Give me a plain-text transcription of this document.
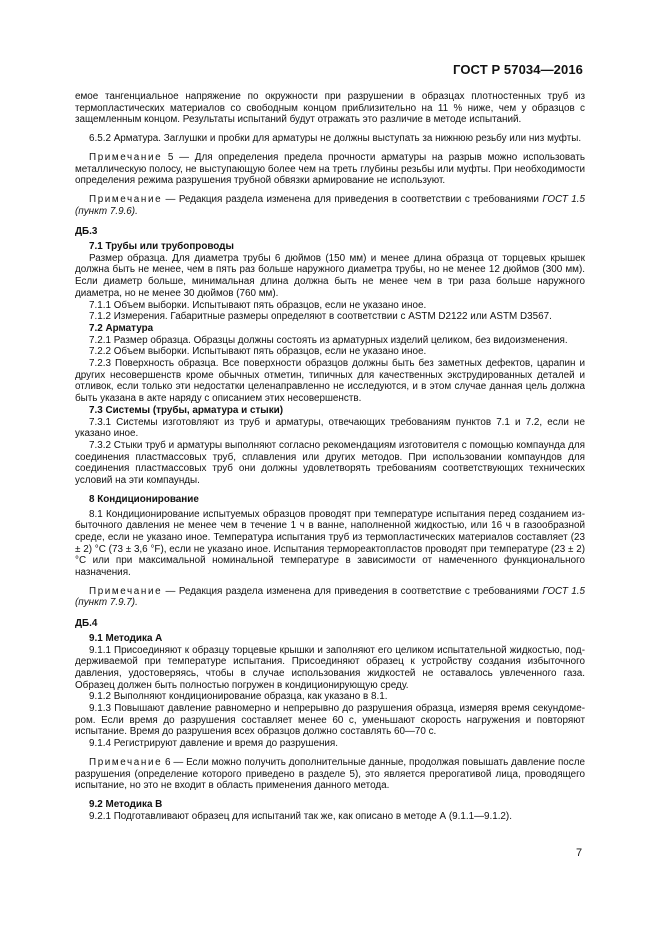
ГОСТ Р 57034—2016

емое тангенциальное напряжение по окружности при разрушении в образцах плотностенных труб из термопластических материалов со свободным концом приблизительно на 11 % ниже, чем у образцов с защемленным концом. Результаты испытаний будут отражать это различие в методе испытаний.

6.5.2 Арматура. Заглушки и пробки для арматуры не должны выступать за нижнюю резьбу или низ муфты.

Примечание 5 — Для определения предела прочности арматуры на разрыв можно использовать металлическую полосу, не выступающую более чем на треть глубины резьбы или муфты. При необходимости определения режима разрушения трубной обвязки армирование не используют.

Примечание — Редакция раздела изменена для приведения в соответствии с требованиями ГОСТ 1.5 (пункт 7.9.6).

ДБ.3

7.1 Трубы или трубопроводы

Размер образца. Для диаметра трубы 6 дюймов (150 мм) и менее длина образца от торцевых крышек должна быть не менее, чем в пять раз больше наружного диаметра трубы, но не менее 12 дюймов (300 мм). Если диаметр больше, минимальная длина должна быть не менее чем в три раза больше наружного диаметра, но не менее 30 дюймов (760 мм).

7.1.1 Объем выборки. Испытывают пять образцов, если не указано иное.

7.1.2 Измерения. Габаритные размеры определяют в соответствии с ASTM D2122 или ASTM D3567.

7.2 Арматура

7.2.1 Размер образца. Образцы должны состоять из арматурных изделий целиком, без видоизменения.

7.2.2 Объем выборки. Испытывают пять образцов, если не указано иное.

7.2.3 Поверхность образца. Все поверхности образцов должны быть без заметных дефектов, царапин и других несовершенств кроме обычных отметин, типичных для качественных экструдированных деталей и отливок, если только эти недостатки целенаправленно не исследуются, и в этом случае данная цель должна быть указана в акте наряду с описанием этих несовершенств.

7.3 Системы (трубы, арматура и стыки)

7.3.1 Системы изготовляют из труб и арматуры, отвечающих требованиям пунктов 7.1 и 7.2, если не указано иное.

7.3.2 Стыки труб и арматуры выполняют согласно рекомендациям изготовителя с помощью компаунда для соединения пластмассовых труб, сплавления или других методов. При использовании компаундов для соединения пластмассовых труб они должны удовлетворять требованиям соответствующих технических условий на эти компаунды.

8 Кондиционирование

8.1 Кондиционирование испытуемых образцов проводят при температуре испытания перед созданием избыточного давления не менее чем в течение 1 ч в ванне, наполненной жидкостью, или 16 ч в газообразной среде, если не указано иное. Температура испытания труб из термопластических материалов составляет (23 ± 2) °С (73 ± 3,6 °F), если не указано иное. Испытания термореактопластов проводят при температуре (23 ± 2) °С или при максимальной номинальной температуре в зависимости от намеченного функционального назначения.

Примечание — Редакция раздела изменена для приведения в соответствие с требованиями ГОСТ 1.5 (пункт 7.9.7).

ДБ.4

9.1 Методика А

9.1.1 Присоединяют к образцу торцевые крышки и заполняют его целиком испытательной жидкостью, поддерживаемой при температуре испытания. Присоединяют образец к устройству создания избыточного давления, удостоверяясь, чтобы в случае использования жидкостей не оставалось увлеченного газа. Образец должен быть полностью погружен в кондиционирующую среду.

9.1.2 Выполняют кондиционирование образца, как указано в 8.1.

9.1.3 Повышают давление равномерно и непрерывно до разрушения образца, измеряя время секундомером. Если время до разрушения составляет менее 60 с, уменьшают скорость нагружения и повторяют испытание. Время до разрушения всех образцов должно составлять 60—70 с.

9.1.4 Регистрируют давление и время до разрушения.

Примечание 6 — Если можно получить дополнительные данные, продолжая повышать давление после разрушения (определение которого приведено в разделе 5), это является прерогативой лица, проводящего испытание, но это не входит в область применения данного метода.

9.2 Методика В

9.2.1 Подготавливают образец для испытаний так же, как описано в методе А (9.1.1—9.1.2).

7
